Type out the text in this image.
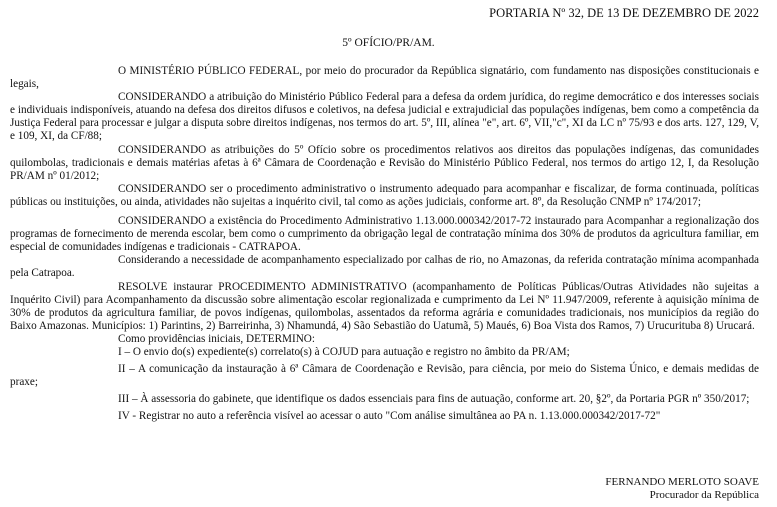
PORTARIA Nº 32, DE 13 DE DEZEMBRO DE 2022
5º OFÍCIO/PR/AM.

O MINISTÉRIO PÚBLICO FEDERAL, por meio do procurador da República signatário, com fundamento nas disposições constitucionais e legais,

CONSIDERANDO a atribuição do Ministério Público Federal para a defesa da ordem jurídica, do regime democrático e dos interesses sociais e individuais indisponíveis, atuando na defesa dos direitos difusos e coletivos, na defesa judicial e extrajudicial das populações indígenas, bem como a competência da Justiça Federal para processar e julgar a disputa sobre direitos indígenas, nos termos do art. 5º, III, alínea "e", art. 6º, VII,"c", XI da LC nº 75/93 e dos arts. 127, 129, V, e 109, XI, da CF/88;

CONSIDERANDO as atribuições do 5º Ofício sobre os procedimentos relativos aos direitos das populações indígenas, das comunidades quilombolas, tradicionais e demais matérias afetas à 6ª Câmara de Coordenação e Revisão do Ministério Público Federal, nos termos do artigo 12, I, da Resolução PR/AM nº 01/2012;

CONSIDERANDO ser o procedimento administrativo o instrumento adequado para acompanhar e fiscalizar, de forma continuada, políticas públicas ou instituições, ou ainda, atividades não sujeitas a inquérito civil, tal como as ações judiciais, conforme art. 8º, da Resolução CNMP nº 174/2017;

CONSIDERANDO a existência do Procedimento Administrativo 1.13.000.000342/2017-72 instaurado para Acompanhar a regionalização dos programas de fornecimento de merenda escolar, bem como o cumprimento da obrigação legal de contratação mínima dos 30% de produtos da agricultura familiar, em especial de comunidades indígenas e tradicionais - CATRAPOA.

Considerando a necessidade de acompanhamento especializado por calhas de rio, no Amazonas, da referida contratação mínima acompanhada pela Catrapoa.

RESOLVE instaurar PROCEDIMENTO ADMINISTRATIVO (acompanhamento de Políticas Públicas/Outras Atividades não sujeitas a Inquérito Civil) para Acompanhamento da discussão sobre alimentação escolar regionalizada e cumprimento da Lei Nº 11.947/2009, referente à aquisição mínima de 30% de produtos da agricultura familiar, de povos indígenas, quilombolas, assentados da reforma agrária e comunidades tradicionais, nos municípios da região do Baixo Amazonas. Municípios: 1) Parintins, 2) Barreirinha, 3) Nhamundá, 4) São Sebastião do Uatumã, 5) Maués, 6) Boa Vista dos Ramos, 7) Urucurituba 8) Urucará.

Como providências iniciais, DETERMINO:

I – O envio do(s) expediente(s) correlato(s) à COJUD para autuação e registro no âmbito da PR/AM;

II – A comunicação da instauração à 6ª Câmara de Coordenação e Revisão, para ciência, por meio do Sistema Único, e demais medidas de praxe;

III – À assessoria do gabinete, que identifique os dados essenciais para fins de autuação, conforme art. 20, §2º, da Portaria PGR nº 350/2017;

IV - Registrar no auto a referência visível ao acessar o auto "Com análise simultânea ao PA n. 1.13.000.000342/2017-72"

FERNANDO MERLOTO SOAVE
Procurador da República
